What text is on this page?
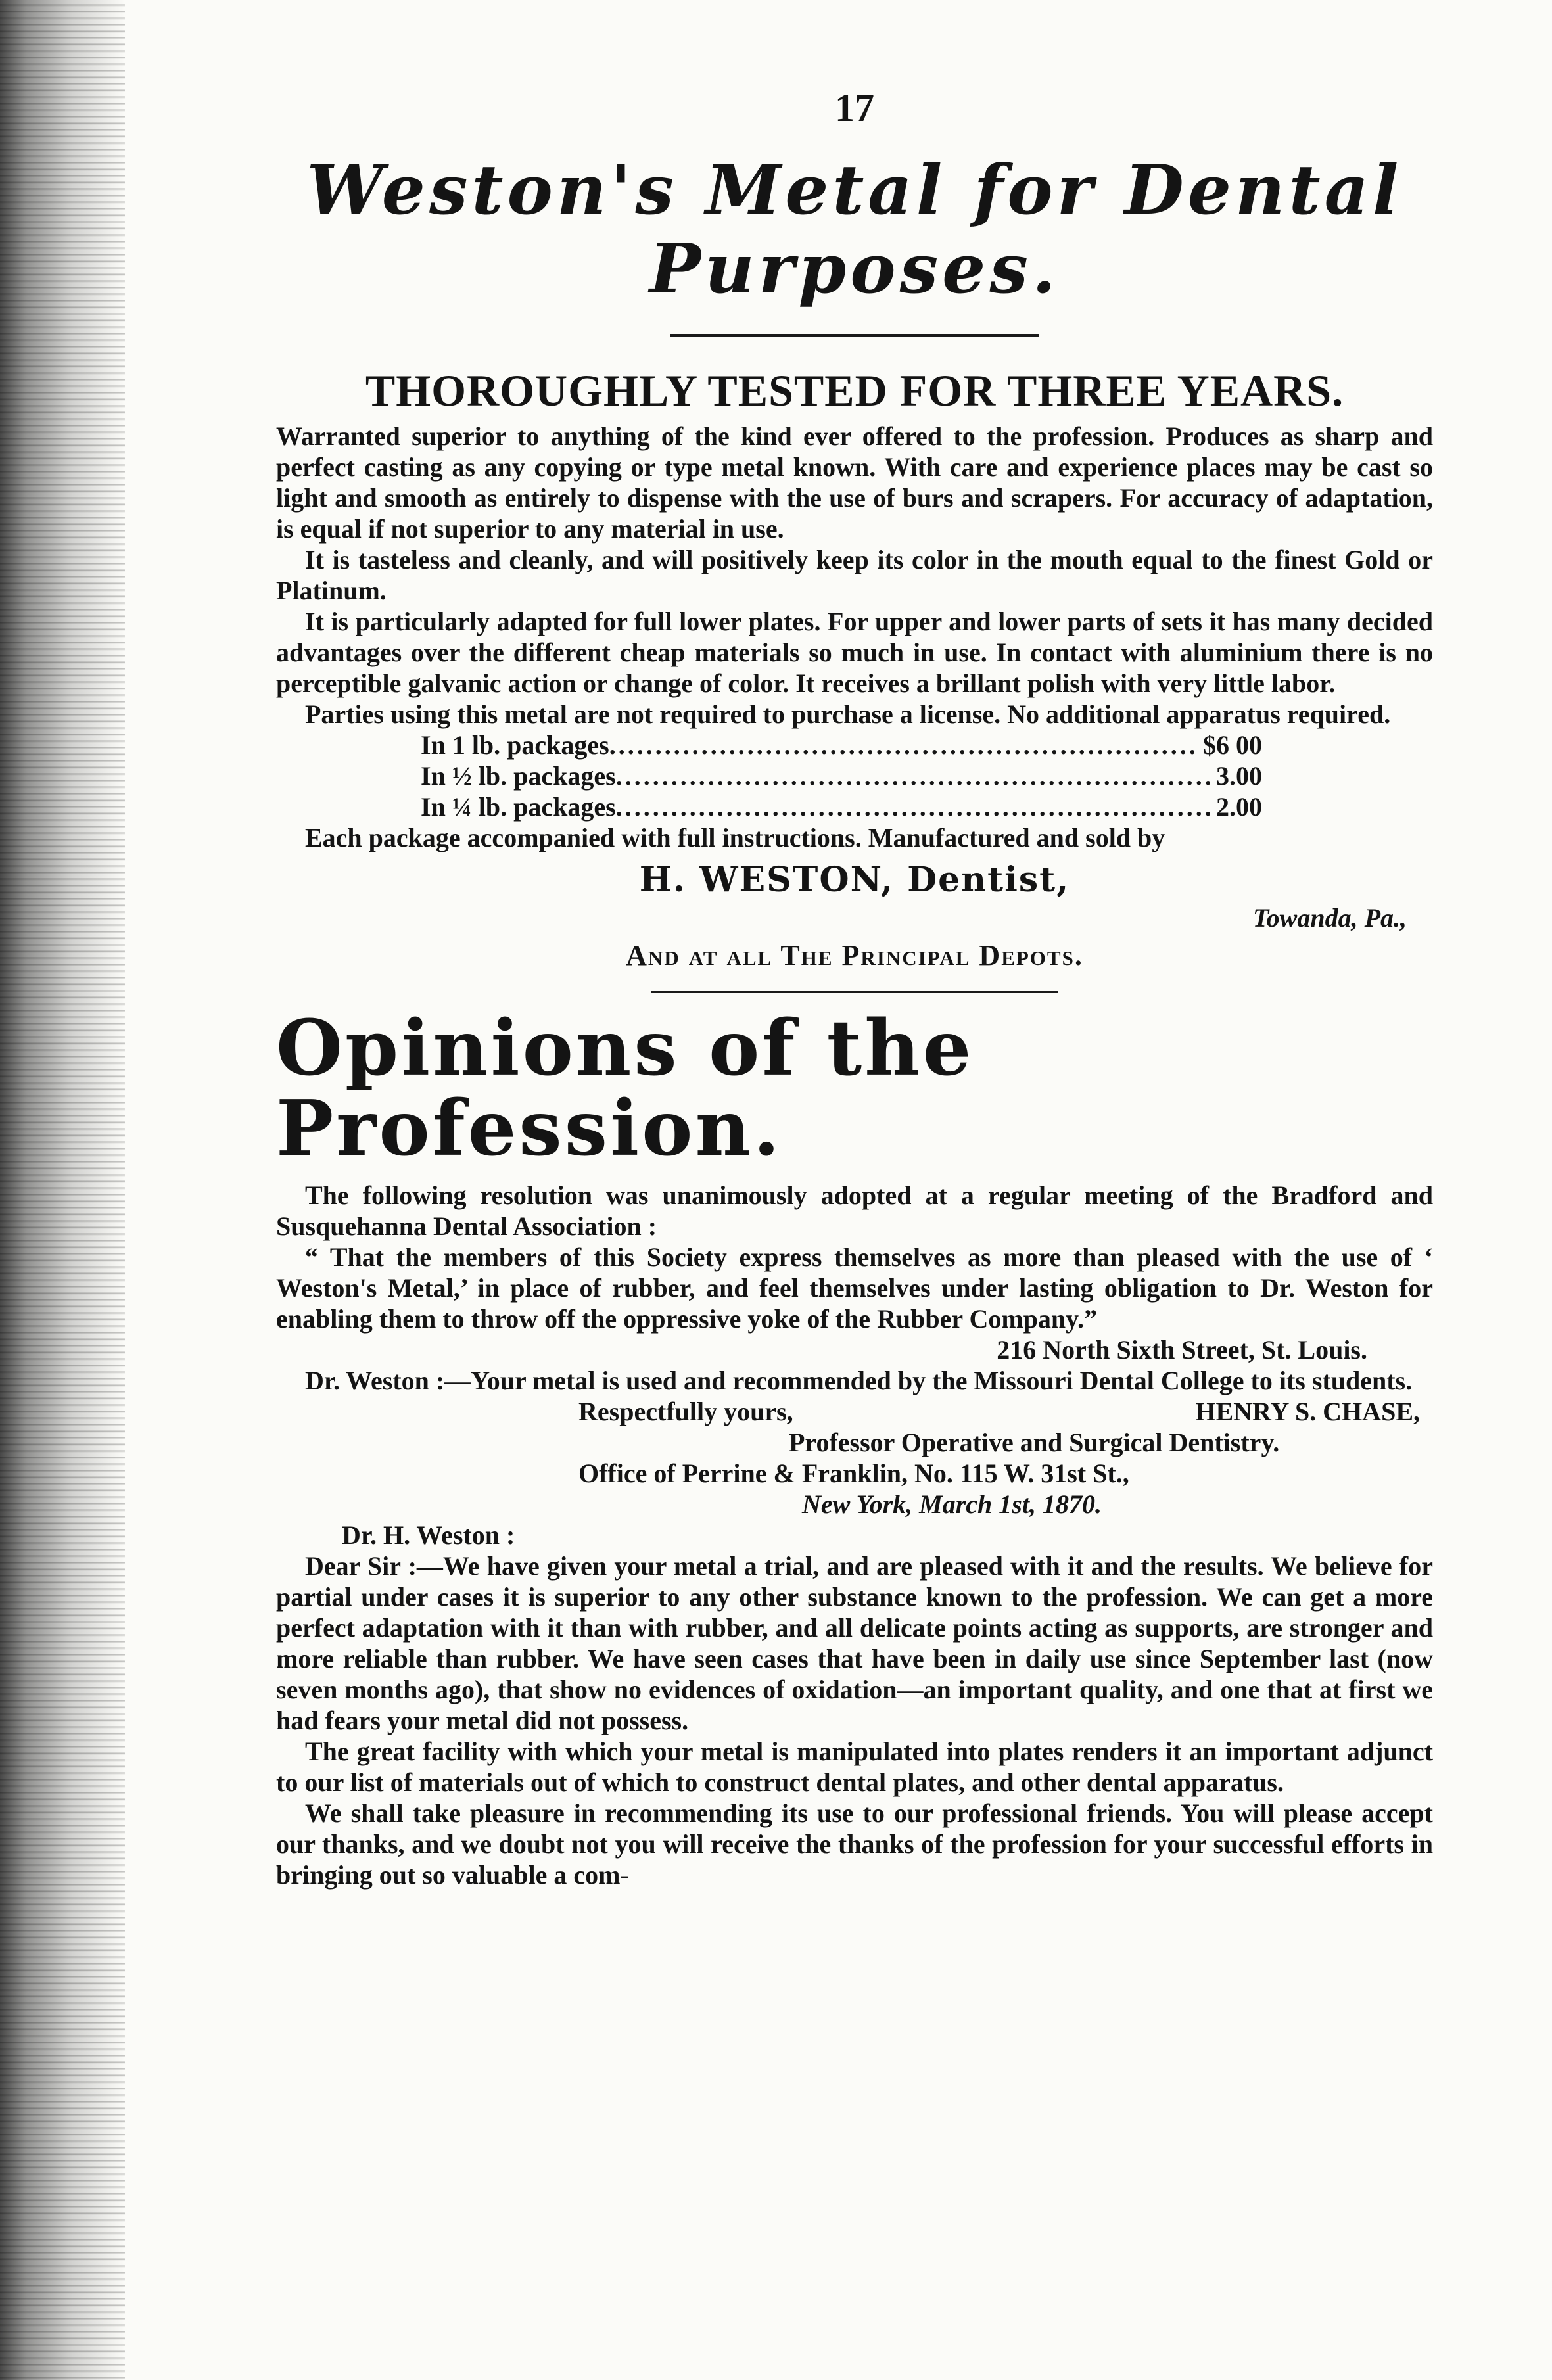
17
Weston's Metal for Dental Purposes.
THOROUGHLY TESTED FOR THREE YEARS.

Warranted superior to anything of the kind ever offered to the profession. Produces as sharp and perfect casting as any copying or type metal known. With care and experience places may be cast so light and smooth as entirely to dispense with the use of burs and scrapers. For accuracy of adaptation, is equal if not superior to any material in use.

It is tasteless and cleanly, and will positively keep its color in the mouth equal to the finest Gold or Platinum.

It is particularly adapted for full lower plates. For upper and lower parts of sets it has many decided advantages over the different cheap materials so much in use. In contact with aluminium there is no perceptible galvanic action or change of color. It receives a brillant polish with very little labor.

Parties using this metal are not required to purchase a license. No additional apparatus required.

In 1 lb. packages .....	$6 00
In ½ lb. packages .....	3.00
In ¼ lb. packages .....	2.00

Each package accompanied with full instructions. Manufactured and sold by

H. WESTON, Dentist,
Towanda, Pa.,
And at all The Principal Depots.
Opinions of the Profession.

The following resolution was unanimously adopted at a regular meeting of the Bradford and Susquehanna Dental Association :

“ That the members of this Society express themselves as more than pleased with the use of ‘ Weston's Metal,’ in place of rubber, and feel themselves under lasting obligation to Dr. Weston for enabling them to throw off the oppressive yoke of the Rubber Company.”

216 North Sixth Street, St. Louis.

Dr. Weston :—Your metal is used and recommended by the Missouri Dental College to its students.

Respectfully yours,	HENRY S. CHASE,
Professor Operative and Surgical Dentistry.
Office of Perrine & Franklin, No. 115 W. 31st St.,
New York, March 1st, 1870.
Dr. H. Weston :

Dear Sir :—We have given your metal a trial, and are pleased with it and the results. We believe for partial under cases it is superior to any other substance known to the profession. We can get a more perfect adaptation with it than with rubber, and all delicate points acting as supports, are stronger and more reliable than rubber. We have seen cases that have been in daily use since September last (now seven months ago), that show no evidences of oxidation—an important quality, and one that at first we had fears your metal did not possess.

The great facility with which your metal is manipulated into plates renders it an important adjunct to our list of materials out of which to construct dental plates, and other dental apparatus.

We shall take pleasure in recommending its use to our professional friends. You will please accept our thanks, and we doubt not you will receive the thanks of the profession for your successful efforts in bringing out so valuable a com-
